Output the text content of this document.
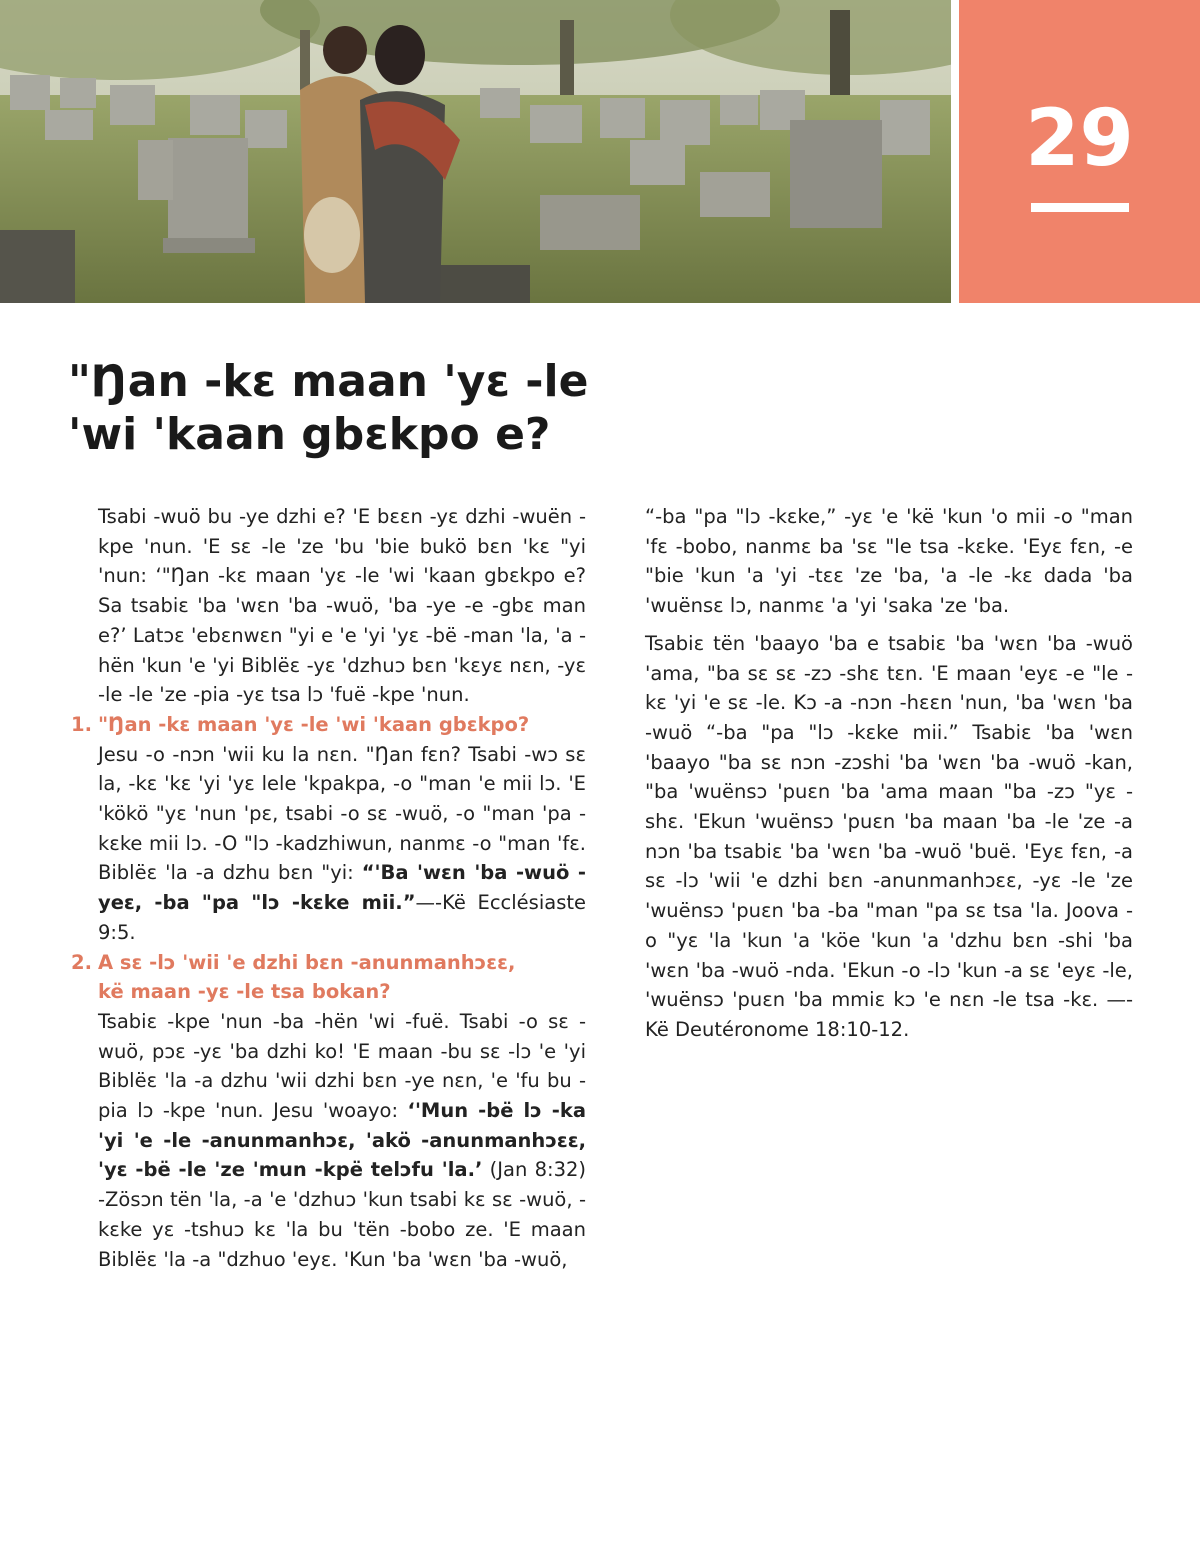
29
"Ŋan -kɛ maan 'yɛ -le
'wi 'kaan gbɛkpo e?

Tsabi -wuö bu -ye dzhi e? 'E bɛɛn -yɛ dzhi -wuën -kpe 'nun. 'E sɛ -le 'ze 'bu 'bie bukö bɛn 'kɛ "yi 'nun: ‘"Ŋan -kɛ maan 'yɛ -le 'wi 'kaan gbɛkpo e? Sa tsabiɛ 'ba 'wɛn 'ba -wuö, 'ba -ye -e -gbɛ man e?’ Latɔɛ 'ebɛnwɛn "yi e 'e 'yi 'yɛ -bë -man 'la, 'a -hën 'kun 'e 'yi Biblëɛ -yɛ 'dzhuɔ bɛn 'kɛyɛ nɛn, -yɛ -le -le 'ze -pia -yɛ tsa lɔ 'fuë -kpe 'nun.

1. "Ŋan -kɛ maan 'yɛ -le 'wi 'kaan gbɛkpo?

Jesu -o -nɔn 'wii ku la nɛn. "Ŋan fɛn? Tsabi -wɔ sɛ la, -kɛ 'kɛ 'yi 'yɛ lele 'kpakpa, -o "man 'e mii lɔ. 'E 'kökö "yɛ 'nun 'pɛ, tsabi -o sɛ -wuö, -o "man 'pa -kɛke mii lɔ. -O "lɔ -kadzhiwun, nanmɛ -o "man 'fɛ. Biblëɛ 'la -a dzhu bɛn "yi: “'Ba 'wɛn 'ba -wuö -yeɛ, -ba "pa "lɔ -kɛke mii.”—-Kë Ecclésiaste 9:5.

2. A sɛ -lɔ 'wii 'e dzhi bɛn -anunmanhɔɛɛ,
kë maan -yɛ -le tsa bokan?

Tsabiɛ -kpe 'nun -ba -hën 'wi -fuë. Tsabi -o sɛ -wuö, pɔɛ -yɛ 'ba dzhi ko! 'E maan -bu sɛ -lɔ 'e 'yi Biblëɛ 'la -a dzhu 'wii dzhi bɛn -ye nɛn, 'e 'fu bu -pia lɔ -kpe 'nun. Jesu 'woayo: ‘'Mun -bë lɔ -ka 'yi 'e -le -anunmanhɔɛ, 'akö -anunmanhɔɛɛ, 'yɛ -bë -le 'ze 'mun -kpë telɔfu 'la.’ (Jan 8:32) -Zösɔn tën 'la, -a 'e 'dzhuɔ 'kun tsabi kɛ sɛ -wuö, -kɛke yɛ -tshuɔ kɛ 'la bu 'tën -bobo ze. 'E maan Biblëɛ 'la -a "dzhuo 'eyɛ. 'Kun 'ba 'wɛn 'ba -wuö,

“-ba "pa "lɔ -kɛke,” -yɛ 'e 'kë 'kun 'o mii -o "man 'fɛ -bobo, nanmɛ ba 'sɛ "le tsa -kɛke. 'Eyɛ fɛn, -e "bie 'kun 'a 'yi -tɛɛ 'ze 'ba, 'a -le -kɛ dada 'ba 'wuënsɛ lɔ, nanmɛ 'a 'yi 'saka 'ze 'ba.

Tsabiɛ tën 'baayo 'ba e tsabiɛ 'ba 'wɛn 'ba -wuö 'ama, "ba sɛ sɛ -zɔ -shɛ tɛn. 'E maan 'eyɛ -e "le -kɛ 'yi 'e sɛ -le. Kɔ -a -nɔn -hɛɛn 'nun, 'ba 'wɛn 'ba -wuö “-ba "pa "lɔ -kɛke mii.” Tsabiɛ 'ba 'wɛn 'baayo "ba sɛ nɔn -zɔshi 'ba 'wɛn 'ba -wuö -kan, "ba 'wuënsɔ 'puɛn 'ba 'ama maan "ba -zɔ "yɛ -shɛ. 'Ekun 'wuënsɔ 'puɛn 'ba maan 'ba -le 'ze -a nɔn 'ba tsabiɛ 'ba 'wɛn 'ba -wuö 'buë. 'Eyɛ fɛn, -a sɛ -lɔ 'wii 'e dzhi bɛn -anunmanhɔɛɛ, -yɛ -le 'ze 'wuënsɔ 'puɛn 'ba -ba "man "pa sɛ tsa 'la. Joova -o "yɛ 'la 'kun 'a 'köe 'kun 'a 'dzhu bɛn -shi 'ba 'wɛn 'ba -wuö -nda. 'Ekun -o -lɔ 'kun -a sɛ 'eyɛ -le, 'wuënsɔ 'puɛn 'ba mmiɛ kɔ 'e nɛn -le tsa -kɛ. —-Kë Deutéronome 18:10-12.
